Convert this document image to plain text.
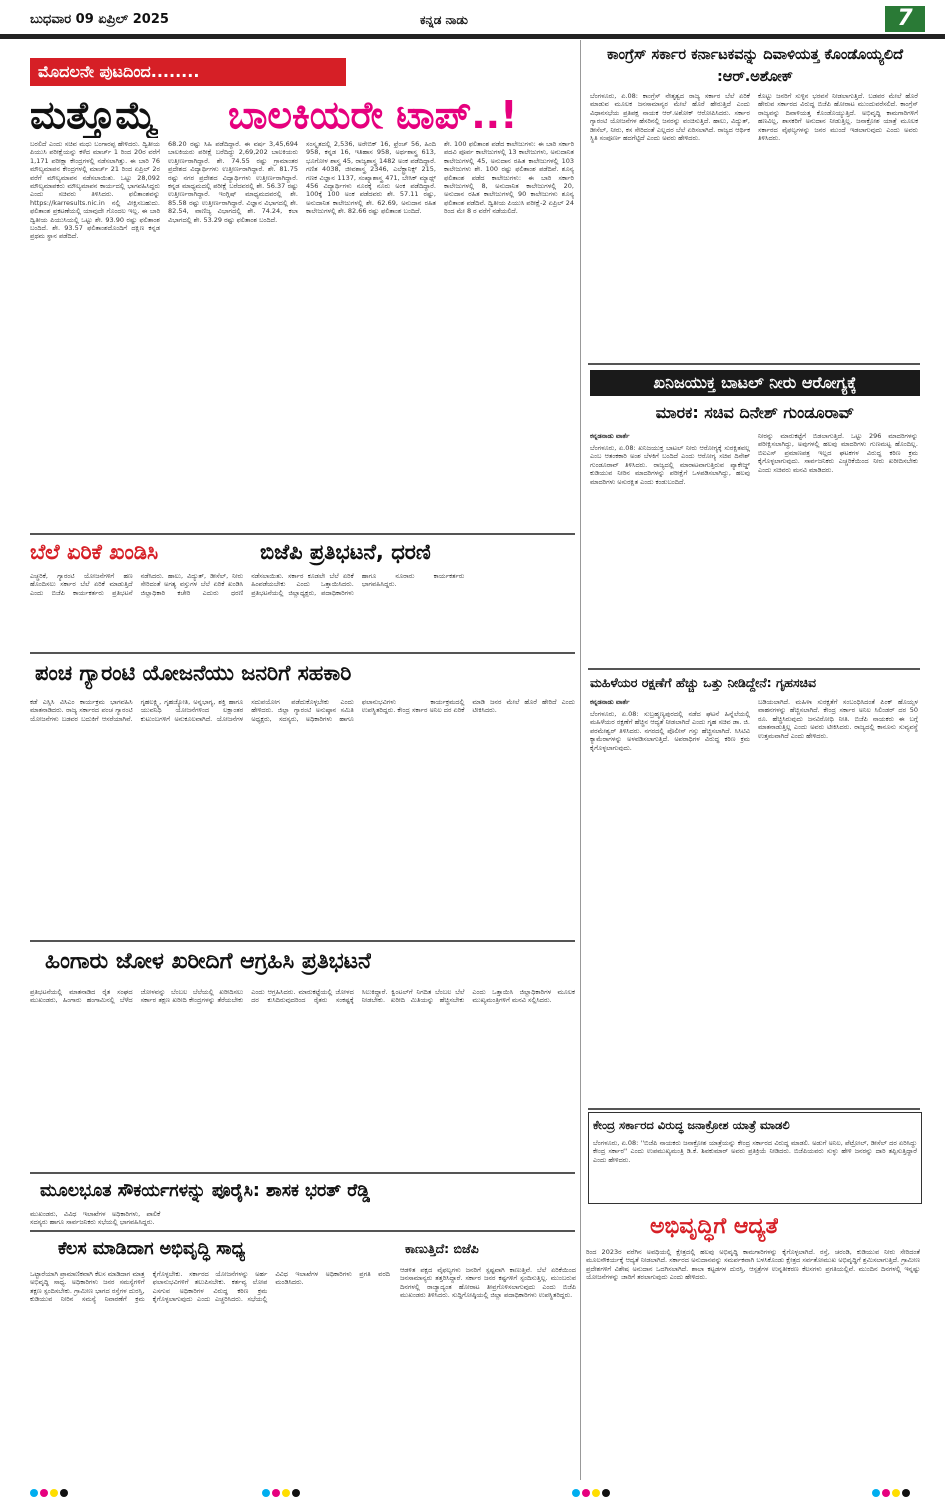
ಬುಧವಾರ 09 ಏಪ್ರಿಲ್ 2025	ಕನ್ನಡ ನಾಡು	7
ಮೊದಲನೇ ಪುಟದಿಂದ........
ಮತ್ತೊಮ್ಮೆ ಬಾಲಕಿಯರೇ ಟಾಪ್..!
ಬರಲಿದೆ ಎಂದು ಸಚಿವ ಮಧು ಬಂಗಾರಪ್ಪ ಹೇಳಿದರು. ದ್ವಿತೀಯ ಪಿಯುಸಿ ಪರೀಕ್ಷೆಯನ್ನು ಕಳೆದ ಮಾರ್ಚ್ 1 ರಿಂದ 20ರ ವರೆಗೆ 1,171 ಪರೀಕ್ಷಾ ಕೇಂದ್ರಗಳಲ್ಲಿ ನಡೆಸಲಾಗಿತ್ತು. ಈ ಬಾರಿ 76 ಮೌಲ್ಯಮಾಪನ ಕೇಂದ್ರಗಳಲ್ಲಿ ಮಾರ್ಚ್ 21 ರಿಂದ ಏಪ್ರಿಲ್ 2ರ ವರೆಗೆ ಮೌಲ್ಯಮಾಪನ ನಡೆಸಲಾಯಿತು. ಒಟ್ಟು 28,092 ಮೌಲ್ಯಮಾಪಕರು ಮೌಲ್ಯಮಾಪನ ಕಾರ್ಯದಲ್ಲಿ ಭಾಗವಹಿಸಿದ್ದರು ಎಂದು ಸಚಿವರು ತಿಳಿಸಿದರು. ಫಲಿತಾಂಶವನ್ನು https://karresults.nic.in ನಲ್ಲಿ ವೀಕ್ಷಿಸಬಹುದು. ಫಲಿತಾಂಶ ಪ್ರಕಟಣೆಯಲ್ಲಿ ಯಾವುದೇ ಗೊಂದಲ ಇಲ್ಲ. ಈ ಬಾರಿ ದ್ವಿತೀಯ ಪಿಯುಸಿಯಲ್ಲಿ ಒಟ್ಟು ಶೇ. 93.90 ರಷ್ಟು ಫಲಿತಾಂಶ ಬಂದಿದೆ. ಶೇ. 93.57 ಫಲಿತಾಂಶದೊಂದಿಗೆ ದಕ್ಷಿಣ ಕನ್ನಡ ಪ್ರಥಮ ಸ್ಥಾನ ಪಡೆದಿದೆ.
68.20 ರಷ್ಟು ಸಿಹಿ ಪಡೆದಿದ್ದಾರೆ. ಈ ವರ್ಷ 3,45,694 ಬಾಲಕಿಯರು ಪರೀಕ್ಷೆ ಬರೆದಿದ್ದು 2,69,202 ಬಾಲಕಿಯರು ಉತ್ತೀರ್ಣರಾಗಿದ್ದಾರೆ. ಶೇ. 74.55 ರಷ್ಟು ಗ್ರಾಮಾಂತರ ಪ್ರದೇಶದ ವಿದ್ಯಾರ್ಥಿಗಳು ಉತ್ತೀರ್ಣರಾಗಿದ್ದಾರೆ. ಶೇ. 81.75 ರಷ್ಟು ನಗರ ಪ್ರದೇಶದ ವಿದ್ಯಾರ್ಥಿಗಳು ಉತ್ತೀರ್ಣರಾಗಿದ್ದಾರೆ. ಕನ್ನಡ ಮಾಧ್ಯಮದಲ್ಲಿ ಪರೀಕ್ಷೆ ಬರೆದವರಲ್ಲಿ ಶೇ. 56.37 ರಷ್ಟು ಉತ್ತೀರ್ಣರಾಗಿದ್ದಾರೆ. ಇಂಗ್ಲಿಷ್ ಮಾಧ್ಯಮದವರಲ್ಲಿ ಶೇ. 85.58 ರಷ್ಟು ಉತ್ತೀರ್ಣರಾಗಿದ್ದಾರೆ. ವಿಜ್ಞಾನ ವಿಭಾಗದಲ್ಲಿ ಶೇ. 82.54, ವಾಣಿಜ್ಯ ವಿಭಾಗದಲ್ಲಿ ಶೇ. 74.24, ಕಲಾ ವಿಭಾಗದಲ್ಲಿ ಶೇ. 53.29 ರಷ್ಟು ಫಲಿತಾಂಶ ಬಂದಿದೆ.
ಸಂಸ್ಕೃತದಲ್ಲಿ 2,536, ಅರೇಬಿಕ್ 16, ಫ್ರೆಂಚ್ 56, ಹಿಂದಿ 958, ಕನ್ನಡ 16, ಇತಿಹಾಸ 958, ಅರ್ಥಶಾಸ್ತ್ರ 613, ಭೂಗೋಳ ಶಾಸ್ತ್ರ 45, ರಾಜ್ಯಶಾಸ್ತ್ರ 1482 ಅಂಕ ಪಡೆದಿದ್ದಾರೆ. ಗಣಿತ 4038, ಜೀವಶಾಸ್ತ್ರ 2346, ಎಲೆಕ್ಟ್ರಾನಿಕ್ಸ್ 215, ಗಣಕ ವಿಜ್ಞಾನ 1137, ಸಂಖ್ಯಾಶಾಸ್ತ್ರ 471, ಬೇಸಿಕ್ ಮ್ಯಾಥ್ಸ್ 456 ವಿದ್ಯಾರ್ಥಿಗಳು ನೂರಕ್ಕೆ ನೂರು ಅಂಕ ಪಡೆದಿದ್ದಾರೆ. 100ಕ್ಕೆ 100 ಅಂಕ ಪಡೆದವರು ಶೇ. 57.11 ರಷ್ಟು, ಅನುದಾನಿತ ಕಾಲೇಜುಗಳಲ್ಲಿ ಶೇ. 62.69, ಅನುದಾನ ರಹಿತ ಕಾಲೇಜುಗಳಲ್ಲಿ ಶೇ. 82.66 ರಷ್ಟು ಫಲಿತಾಂಶ ಬಂದಿದೆ.
ಶೇ. 100 ಫಲಿತಾಂಶ ಪಡೆದ ಕಾಲೇಜುಗಳು: ಈ ಬಾರಿ ಸರ್ಕಾರಿ ಪದವಿ ಪೂರ್ವ ಕಾಲೇಜುಗಳಲ್ಲಿ 13 ಕಾಲೇಜುಗಳು, ಅನುದಾನಿತ ಕಾಲೇಜುಗಳಲ್ಲಿ 45, ಅನುದಾನ ರಹಿತ ಕಾಲೇಜುಗಳಲ್ಲಿ 103 ಕಾಲೇಜುಗಳು ಶೇ. 100 ರಷ್ಟು ಫಲಿತಾಂಶ ಪಡೆದಿವೆ. ಶೂನ್ಯ ಫಲಿತಾಂಶ ಪಡೆದ ಕಾಲೇಜುಗಳು: ಈ ಬಾರಿ ಸರ್ಕಾರಿ ಕಾಲೇಜುಗಳಲ್ಲಿ 8, ಅನುದಾನಿತ ಕಾಲೇಜುಗಳಲ್ಲಿ 20, ಅನುದಾನ ರಹಿತ ಕಾಲೇಜುಗಳಲ್ಲಿ 90 ಕಾಲೇಜುಗಳು ಶೂನ್ಯ ಫಲಿತಾಂಶ ಪಡೆದಿವೆ. ದ್ವಿತೀಯ ಪಿಯುಸಿ ಪರೀಕ್ಷೆ-2 ಏಪ್ರಿಲ್ 24 ರಿಂದ ಮೇ 8 ರ ವರೆಗೆ ನಡೆಯಲಿದೆ.
ಕಾಂಗ್ರೆಸ್ ಸರ್ಕಾರ ಕರ್ನಾಟಕವನ್ನು ದಿವಾಳಿಯತ್ತ ಕೊಂಡೊಯ್ಯಲಿದೆ :ಆರ್.ಅಶೋಕ್
ಬೆಂಗಳೂರು, ಏ.08: ಕಾಂಗ್ರೆಸ್ ನೇತೃತ್ವದ ರಾಜ್ಯ ಸರ್ಕಾರ ಬೆಲೆ ಏರಿಕೆ ಮಾಡುವ ಮೂಲಕ ಜನಸಾಮಾನ್ಯರ ಮೇಲೆ ಹೊರೆ ಹೇರುತ್ತಿದೆ ಎಂದು ವಿಧಾನಸಭೆಯ ಪ್ರತಿಪಕ್ಷ ನಾಯಕ ಆರ್.ಅಶೋಕ್ ಆರೋಪಿಸಿದರು. ಸರ್ಕಾರ ಗ್ಯಾರಂಟಿ ಯೋಜನೆಗಳ ಹೆಸರಿನಲ್ಲಿ ಜನರನ್ನು ವಂಚಿಸುತ್ತಿದೆ. ಹಾಲು, ವಿದ್ಯುತ್, ಡೀಸೆಲ್, ನೀರು, ಕಸ ಸೇರಿದಂತೆ ಎಲ್ಲದರ ಬೆಲೆ ಏರಿಸಲಾಗಿದೆ. ರಾಜ್ಯದ ಆರ್ಥಿಕ ಸ್ಥಿತಿ ಸಂಪೂರ್ಣ ಹದಗೆಟ್ಟಿದೆ ಎಂದು ಅವರು ಹೇಳಿದರು.
ಕೊಟ್ಟು ಜನರಿಗೆ ಸುಳ್ಳಿನ ಭರವಸೆ ನೀಡಲಾಗುತ್ತಿದೆ. ಬಡವರ ಮೇಲೆ ಹೊರೆ ಹೇರುವ ಸರ್ಕಾರದ ವಿರುದ್ಧ ಬಿಜೆಪಿ ಹೋರಾಟ ಮುಂದುವರೆಸಲಿದೆ. ಕಾಂಗ್ರೆಸ್ ರಾಜ್ಯವನ್ನು ದಿವಾಳಿಯತ್ತ ಕೊಂಡೊಯ್ಯುತ್ತಿದೆ. ಅಭಿವೃದ್ಧಿ ಕಾಮಗಾರಿಗಳಿಗೆ ಹಣವಿಲ್ಲ, ಶಾಸಕರಿಗೆ ಅನುದಾನ ನೀಡುತ್ತಿಲ್ಲ. ಜನಾಕ್ರೋಶ ಯಾತ್ರೆ ಮೂಲಕ ಸರ್ಕಾರದ ವೈಫಲ್ಯಗಳನ್ನು ಜನರ ಮುಂದೆ ಇಡಲಾಗುವುದು ಎಂದು ಅವರು ತಿಳಿಸಿದರು.
ಖನಿಜಯುಕ್ತ ಬಾಟಲ್ ನೀರು ಆರೋಗ್ಯಕ್ಕೆ
ಮಾರಕ: ಸಚಿವ ದಿನೇಶ್ ಗುಂಡೂರಾವ್
ಕನ್ನಡನಾಡು ವಾರ್ತೆ
ಬೆಂಗಳೂರು, ಏ.08: ಖನಿಜಯುಕ್ತ ಬಾಟಲ್ ನೀರು ಆರೋಗ್ಯಕ್ಕೆ ಸುರಕ್ಷಿತವಲ್ಲ ಎಂಬ ಆತಂಕಕಾರಿ ಅಂಶ ಬೆಳಕಿಗೆ ಬಂದಿದೆ ಎಂದು ಆರೋಗ್ಯ ಸಚಿವ ದಿನೇಶ್ ಗುಂಡೂರಾವ್ ತಿಳಿಸಿದರು. ರಾಜ್ಯದಲ್ಲಿ ಮಾರಾಟವಾಗುತ್ತಿರುವ ಪ್ಯಾಕೇಜ್ಡ್ ಕುಡಿಯುವ ನೀರಿನ ಮಾದರಿಗಳನ್ನು ಪರೀಕ್ಷೆಗೆ ಒಳಪಡಿಸಲಾಗಿದ್ದು, ಹಲವು ಮಾದರಿಗಳು ಅಸುರಕ್ಷಿತ ಎಂದು ಕಂಡುಬಂದಿದೆ.
ನೀರನ್ನು ಮಾರುಕಟ್ಟೆಗೆ ಬಿಡಲಾಗುತ್ತಿದೆ. ಒಟ್ಟು 296 ಮಾದರಿಗಳನ್ನು ಪರೀಕ್ಷಿಸಲಾಗಿದ್ದು, ಅವುಗಳಲ್ಲಿ ಹಲವು ಮಾದರಿಗಳು ಗುಣಮಟ್ಟ ಹೊಂದಿಲ್ಲ. ಬಿಐಎಸ್ ಪ್ರಮಾಣಪತ್ರ ಇಲ್ಲದ ಘಟಕಗಳ ವಿರುದ್ಧ ಕಠಿಣ ಕ್ರಮ ಕೈಗೊಳ್ಳಲಾಗುವುದು. ಸಾರ್ವಜನಿಕರು ಎಚ್ಚರಿಕೆಯಿಂದ ನೀರು ಖರೀದಿಸಬೇಕು ಎಂದು ಸಚಿವರು ಮನವಿ ಮಾಡಿದರು.
ಮಹಿಳೆಯರ ರಕ್ಷಣೆಗೆ ಹೆಚ್ಚು ಒತ್ತು ನೀಡಿದ್ದೇನೆ: ಗೃಹಸಚಿವ
ಕನ್ನಡನಾಡು ವಾರ್ತೆ
ಬೆಂಗಳೂರು, ಏ.08: ಸುಬ್ರಹ್ಮಣ್ಯಪುರದಲ್ಲಿ ನಡೆದ ಘಟನೆ ಹಿನ್ನೆಲೆಯಲ್ಲಿ ಮಹಿಳೆಯರ ರಕ್ಷಣೆಗೆ ಹೆಚ್ಚಿನ ಆದ್ಯತೆ ನೀಡಲಾಗಿದೆ ಎಂದು ಗೃಹ ಸಚಿವ ಡಾ. ಜಿ. ಪರಮೇಶ್ವರ್ ತಿಳಿಸಿದರು. ನಗರದಲ್ಲಿ ಪೊಲೀಸ್ ಗಸ್ತು ಹೆಚ್ಚಿಸಲಾಗಿದೆ. ಸಿಸಿಟಿವಿ ಕ್ಯಾಮೆರಾಗಳನ್ನು ಅಳವಡಿಸಲಾಗುತ್ತಿದೆ. ಅಪರಾಧಿಗಳ ವಿರುದ್ಧ ಕಠಿಣ ಕ್ರಮ ಕೈಗೊಳ್ಳಲಾಗುವುದು.
ಬಡಿಯಲಾಗಿದೆ. ಮಹಿಳಾ ಸುರಕ್ಷತೆಗೆ ಸಂಬಂಧಿಸಿದಂತೆ ಪಿಂಕ್ ಹೊಯ್ಸಳ ವಾಹನಗಳನ್ನು ಹೆಚ್ಚಿಸಲಾಗಿದೆ. ಕೇಂದ್ರ ಸರ್ಕಾರ ಅನಿಲ ಸಿಲಿಂಡರ್ ದರ 50 ರೂ. ಹೆಚ್ಚಿಸಿರುವುದು ಜನವಿರೋಧಿ ನೀತಿ. ಬಿಜೆಪಿ ನಾಯಕರು ಈ ಬಗ್ಗೆ ಮಾತನಾಡುತ್ತಿಲ್ಲ ಎಂದು ಅವರು ಟೀಕಿಸಿದರು. ರಾಜ್ಯದಲ್ಲಿ ಕಾನೂನು ಸುವ್ಯವಸ್ಥೆ ಉತ್ತಮವಾಗಿದೆ ಎಂದು ಹೇಳಿದರು.
ಕೇಂದ್ರ ಸರ್ಕಾರದ ವಿರುದ್ಧ ಜನಾಕ್ರೋಶ ಯಾತ್ರೆ ಮಾಡಲಿ
ಬೆಂಗಳೂರು, ಏ.08: ''ಬಿಜೆಪಿ ನಾಯಕರು ಜನಾಕ್ರೋಶ ಯಾತ್ರೆಯನ್ನು ಕೇಂದ್ರ ಸರ್ಕಾರದ ವಿರುದ್ಧ ಮಾಡಲಿ. ಅಡುಗೆ ಅನಿಲ, ಪೆಟ್ರೋಲ್, ಡೀಸೆಲ್ ದರ ಏರಿಸಿದ್ದು ಕೇಂದ್ರ ಸರ್ಕಾರ'' ಎಂದು ಉಪಮುಖ್ಯಮಂತ್ರಿ ಡಿ.ಕೆ. ಶಿವಕುಮಾರ್ ಅವರು ಪ್ರತಿಕ್ರಿಯೆ ನೀಡಿದರು. ಬಿಜೆಪಿಯವರು ಸುಳ್ಳು ಹೇಳಿ ಜನರನ್ನು ದಾರಿ ತಪ್ಪಿಸುತ್ತಿದ್ದಾರೆ ಎಂದು ಹೇಳಿದರು.
ಅಭಿವೃದ್ಧಿಗೆ ಆದ್ಯತೆ
ರಿಂದ 2023ರ ವರೆಗಿನ ಅವಧಿಯಲ್ಲಿ ಕ್ಷೇತ್ರದಲ್ಲಿ ಹಲವು ಅಭಿವೃದ್ಧಿ ಕಾಮಗಾರಿಗಳನ್ನು ಕೈಗೊಳ್ಳಲಾಗಿದೆ. ರಸ್ತೆ, ಚರಂಡಿ, ಕುಡಿಯುವ ನೀರು ಸೇರಿದಂತೆ ಮೂಲಸೌಕರ್ಯಕ್ಕೆ ಆದ್ಯತೆ ನೀಡಲಾಗಿದೆ. ಸರ್ಕಾರದ ಅನುದಾನವನ್ನು ಸಮರ್ಪಕವಾಗಿ ಬಳಸಿಕೊಂಡು ಕ್ಷೇತ್ರದ ಸರ್ವತೋಮುಖ ಅಭಿವೃದ್ಧಿಗೆ ಶ್ರಮಿಸಲಾಗುತ್ತಿದೆ. ಗ್ರಾಮೀಣ ಪ್ರದೇಶಗಳಿಗೆ ವಿಶೇಷ ಅನುದಾನ ಒದಗಿಸಲಾಗಿದೆ. ಶಾಲಾ ಕಟ್ಟಡಗಳ ದುರಸ್ತಿ, ಆಸ್ಪತ್ರೆಗಳ ಉನ್ನತೀಕರಣ ಕೆಲಸಗಳು ಪ್ರಗತಿಯಲ್ಲಿವೆ. ಮುಂದಿನ ದಿನಗಳಲ್ಲಿ ಇನ್ನಷ್ಟು ಯೋಜನೆಗಳನ್ನು ಜಾರಿಗೆ ತರಲಾಗುವುದು ಎಂದು ಹೇಳಿದರು.
ಬೆಲೆ ಏರಿಕೆ ಖಂಡಿಸಿ	ಬಿಜೆಪಿ ಪ್ರತಿಭಟನೆ, ಧರಣಿ
ಎಚ್ಚರಿಕೆ, ಗ್ಯಾರಂಟಿ ಯೋಜನೆಗಳಿಗೆ ಹಣ ಹೊಂದಿಸಲು ಸರ್ಕಾರ ಬೆಲೆ ಏರಿಕೆ ಮಾಡುತ್ತಿದೆ ಎಂದು ಬಿಜೆಪಿ ಕಾರ್ಯಕರ್ತರು ಪ್ರತಿಭಟನೆ ನಡೆಸಿದರು. ಹಾಲು, ವಿದ್ಯುತ್, ಡೀಸೆಲ್, ನೀರು ಸೇರಿದಂತೆ ಅಗತ್ಯ ವಸ್ತುಗಳ ಬೆಲೆ ಏರಿಕೆ ಖಂಡಿಸಿ ಜಿಲ್ಲಾಧಿಕಾರಿ ಕಚೇರಿ ಎದುರು ಧರಣಿ ನಡೆಸಲಾಯಿತು. ಸರ್ಕಾರ ಕೂಡಲೇ ಬೆಲೆ ಏರಿಕೆ ಹಿಂಪಡೆಯಬೇಕು ಎಂದು ಒತ್ತಾಯಿಸಿದರು. ಪ್ರತಿಭಟನೆಯಲ್ಲಿ ಜಿಲ್ಲಾಧ್ಯಕ್ಷರು, ಪದಾಧಿಕಾರಿಗಳು ಹಾಗೂ ನೂರಾರು ಕಾರ್ಯಕರ್ತರು ಭಾಗವಹಿಸಿದ್ದರು.
ಪಂಚ ಗ್ಯಾರಂಟಿ ಯೋಜನೆಯು ಜನರಿಗೆ ಸಹಕಾರಿ
ಕಡೆ ಎಸ್ಸಿಸಿ ವಿಸಿಎಂ ಕಾರ್ಯಕ್ರಮ ಭಾಗವಹಿಸಿ ಮಾತನಾಡಿದರು. ರಾಜ್ಯ ಸರ್ಕಾರದ ಪಂಚ ಗ್ಯಾರಂಟಿ ಯೋಜನೆಗಳು ಬಡವರ ಬದುಕಿಗೆ ಆಸರೆಯಾಗಿವೆ. ಗೃಹಲಕ್ಷ್ಮಿ, ಗೃಹಜ್ಯೋತಿ, ಅನ್ನಭಾಗ್ಯ, ಶಕ್ತಿ ಹಾಗೂ ಯುವನಿಧಿ ಯೋಜನೆಗಳಿಂದ ಲಕ್ಷಾಂತರ ಕುಟುಂಬಗಳಿಗೆ ಅನುಕೂಲವಾಗಿದೆ. ಯೋಜನೆಗಳ ಸದುಪಯೋಗ ಪಡೆದುಕೊಳ್ಳಬೇಕು ಎಂದು ಹೇಳಿದರು. ಜಿಲ್ಲಾ ಗ್ಯಾರಂಟಿ ಅನುಷ್ಠಾನ ಸಮಿತಿ ಅಧ್ಯಕ್ಷರು, ಸದಸ್ಯರು, ಅಧಿಕಾರಿಗಳು ಹಾಗೂ ಫಲಾನುಭವಿಗಳು ಕಾರ್ಯಕ್ರಮದಲ್ಲಿ ಉಪಸ್ಥಿತರಿದ್ದರು. ಕೇಂದ್ರ ಸರ್ಕಾರ ಅನಿಲ ದರ ಏರಿಕೆ ಮಾಡಿ ಜನರ ಮೇಲೆ ಹೊರೆ ಹೇರಿದೆ ಎಂದು ಟೀಕಿಸಿದರು.
ಹಿಂಗಾರು ಜೋಳ ಖರೀದಿಗೆ ಆಗ್ರಹಿಸಿ ಪ್ರತಿಭಟನೆ
ಪ್ರತಿಭಟನೆಯಲ್ಲಿ ಮಾತನಾಡಿದ ರೈತ ಸಂಘದ ಮುಖಂಡರು, ಹಿಂಗಾರು ಹಂಗಾಮಿನಲ್ಲಿ ಬೆಳೆದ ಜೋಳವನ್ನು ಬೆಂಬಲ ಬೆಲೆಯಲ್ಲಿ ಖರೀದಿಸಲು ಸರ್ಕಾರ ತಕ್ಷಣ ಖರೀದಿ ಕೇಂದ್ರಗಳನ್ನು ತೆರೆಯಬೇಕು ಎಂದು ಆಗ್ರಹಿಸಿದರು. ಮಾರುಕಟ್ಟೆಯಲ್ಲಿ ಜೋಳದ ದರ ಕುಸಿದಿರುವುದರಿಂದ ರೈತರು ಸಂಕಷ್ಟಕ್ಕೆ ಸಿಲುಕಿದ್ದಾರೆ. ಕ್ವಿಂಟಲ್‌ಗೆ ನಿಗದಿತ ಬೆಂಬಲ ಬೆಲೆ ನೀಡಬೇಕು. ಖರೀದಿ ಮಿತಿಯನ್ನು ಹೆಚ್ಚಿಸಬೇಕು ಎಂದು ಒತ್ತಾಯಿಸಿ ಜಿಲ್ಲಾಧಿಕಾರಿಗಳ ಮೂಲಕ ಮುಖ್ಯಮಂತ್ರಿಗಳಿಗೆ ಮನವಿ ಸಲ್ಲಿಸಿದರು.
ಮೂಲಭೂತ ಸೌಕರ್ಯಗಳನ್ನು ಪೂರೈಸಿ: ಶಾಸಕ ಭರತ್ ರೆಡ್ಡಿ
ಮುಖಂಡರು, ವಿವಿಧ ಇಲಾಖೆಗಳ ಅಧಿಕಾರಿಗಳು, ಪಾಲಿಕೆ ಸದಸ್ಯರು ಹಾಗೂ ಸಾರ್ವಜನಿಕರು ಸಭೆಯಲ್ಲಿ ಭಾಗವಹಿಸಿದ್ದರು.
ಕೆಲಸ ಮಾಡಿದಾಗ ಅಭಿವೃದ್ಧಿ ಸಾಧ್ಯ
ಒಟ್ಟಾರೆಯಾಗಿ ಪ್ರಾಮಾಣಿಕವಾಗಿ ಕೆಲಸ ಮಾಡಿದಾಗ ಮಾತ್ರ ಅಭಿವೃದ್ಧಿ ಸಾಧ್ಯ. ಅಧಿಕಾರಿಗಳು ಜನರ ಸಮಸ್ಯೆಗಳಿಗೆ ತಕ್ಷಣ ಸ್ಪಂದಿಸಬೇಕು. ಗ್ರಾಮೀಣ ಭಾಗದ ರಸ್ತೆಗಳ ದುರಸ್ತಿ, ಕುಡಿಯುವ ನೀರಿನ ಸಮಸ್ಯೆ ನಿವಾರಣೆಗೆ ಕ್ರಮ ಕೈಗೊಳ್ಳಬೇಕು. ಸರ್ಕಾರದ ಯೋಜನೆಗಳನ್ನು ಅರ್ಹ ಫಲಾನುಭವಿಗಳಿಗೆ ತಲುಪಿಸಬೇಕು. ಕರ್ತವ್ಯ ಲೋಪ ಎಸಗುವ ಅಧಿಕಾರಿಗಳ ವಿರುದ್ಧ ಕಠಿಣ ಕ್ರಮ ಕೈಗೊಳ್ಳಲಾಗುವುದು ಎಂದು ಎಚ್ಚರಿಸಿದರು. ಸಭೆಯಲ್ಲಿ ವಿವಿಧ ಇಲಾಖೆಗಳ ಅಧಿಕಾರಿಗಳು ಪ್ರಗತಿ ವರದಿ ಮಂಡಿಸಿದರು.
ಕಾಣುತ್ತಿದೆ: ಬಿಜೆಪಿ
ಆಡಳಿತ ಪಕ್ಷದ ವೈಫಲ್ಯಗಳು ಜನರಿಗೆ ಸ್ಪಷ್ಟವಾಗಿ ಕಾಣುತ್ತಿವೆ. ಬೆಲೆ ಏರಿಕೆಯಿಂದ ಜನಸಾಮಾನ್ಯರು ತತ್ತರಿಸಿದ್ದಾರೆ. ಸರ್ಕಾರ ಜನರ ಕಷ್ಟಗಳಿಗೆ ಸ್ಪಂದಿಸುತ್ತಿಲ್ಲ. ಮುಂಬರುವ ದಿನಗಳಲ್ಲಿ ರಾಜ್ಯಾದ್ಯಂತ ಹೋರಾಟ ತೀವ್ರಗೊಳಿಸಲಾಗುವುದು ಎಂದು ಬಿಜೆಪಿ ಮುಖಂಡರು ತಿಳಿಸಿದರು. ಸುದ್ದಿಗೋಷ್ಠಿಯಲ್ಲಿ ಜಿಲ್ಲಾ ಪದಾಧಿಕಾರಿಗಳು ಉಪಸ್ಥಿತರಿದ್ದರು.
